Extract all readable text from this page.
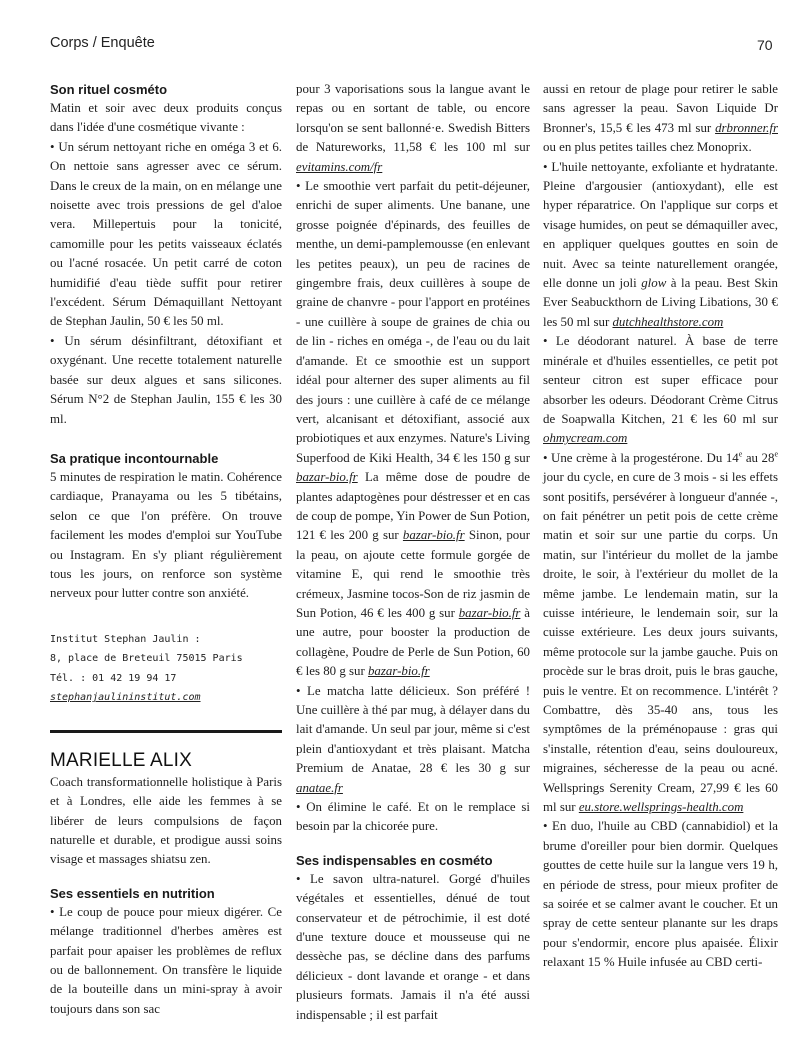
Corps / Enquête	70
Son rituel cosméto

Matin et soir avec deux produits conçus dans l'idée d'une cosmétique vivante :

• Un sérum nettoyant riche en oméga 3 et 6. On nettoie sans agresser avec ce sérum. Dans le creux de la main, on en mélange une noisette avec trois pressions de gel d'aloe vera. Millepertuis pour la tonicité, camomille pour les petits vaisseaux éclatés ou l'acné rosacée. Un petit carré de coton humidifié d'eau tiède suffit pour retirer l'excédent. Sérum Démaquillant Nettoyant de Stephan Jaulin, 50 € les 50 ml.

• Un sérum désinfiltrant, détoxifiant et oxygénant. Une recette totalement naturelle basée sur deux algues et sans silicones. Sérum N°2 de Stephan Jaulin, 155 € les 30 ml.

Sa pratique incontournable

5 minutes de respiration le matin. Cohérence cardiaque, Pranayama ou les 5 tibétains, selon ce que l'on préfère. On trouve facilement les modes d'emploi sur YouTube ou Instagram. En s'y pliant régulièrement tous les jours, on renforce son système nerveux pour lutter contre son anxiété.

Institut Stephan Jaulin :
8, place de Breteuil 75015 Paris
Tél. : 01 42 19 94 17
stephanjaulininstitut.com
MARIELLE ALIX

Coach transformationnelle holistique à Paris et à Londres, elle aide les femmes à se libérer de leurs compulsions de façon naturelle et durable, et prodigue aussi soins visage et massages shiatsu zen.

Ses essentiels en nutrition

• Le coup de pouce pour mieux digérer. Ce mélange traditionnel d'herbes amères est parfait pour apaiser les problèmes de reflux ou de ballonnement. On transfère le liquide de la bouteille dans un mini-spray à avoir toujours dans son sac

pour 3 vaporisations sous la langue avant le repas ou en sortant de table, ou encore lorsqu'on se sent ballonné·e. Swedish Bitters de Natureworks, 11,58 € les 100 ml sur evitamins.com/fr

• Le smoothie vert parfait du petit-déjeuner, enrichi de super aliments. Une banane, une grosse poignée d'épinards, des feuilles de menthe, un demi-pamplemousse (en enlevant les petites peaux), un peu de racines de gingembre frais, deux cuillères à soupe de graine de chanvre - pour l'apport en protéines - une cuillère à soupe de graines de chia ou de lin - riches en oméga -, de l'eau ou du lait d'amande. Et ce smoothie est un support idéal pour alterner des super aliments au fil des jours : une cuillère à café de ce mélange vert, alcanisant et détoxifiant, associé aux probiotiques et aux enzymes. Nature's Living Superfood de Kiki Health, 34 € les 150 g sur bazar-bio.fr La même dose de poudre de plantes adaptogènes pour déstresser et en cas de coup de pompe, Yin Power de Sun Potion, 121 € les 200 g sur bazar-bio.fr Sinon, pour la peau, on ajoute cette formule gorgée de vitamine E, qui rend le smoothie très crémeux, Jasmine tocos-Son de riz jasmin de Sun Potion, 46 € les 400 g sur bazar-bio.fr à une autre, pour booster la production de collagène, Poudre de Perle de Sun Potion, 60 € les 80 g sur bazar-bio.fr

• Le matcha latte délicieux. Son préféré ! Une cuillère à thé par mug, à délayer dans du lait d'amande. Un seul par jour, même si c'est plein d'antioxydant et très plaisant. Matcha Premium de Anatae, 28 € les 30 g sur anatae.fr

• On élimine le café. Et on le remplace si besoin par la chicorée pure.

Ses indispensables en cosméto

• Le savon ultra-naturel. Gorgé d'huiles végétales et essentielles, dénué de tout conservateur et de pétrochimie, il est doté d'une texture douce et mousseuse qui ne dessèche pas, se décline dans des parfums délicieux - dont lavande et orange - et dans plusieurs formats. Jamais il n'a été aussi indispensable ; il est parfait

aussi en retour de plage pour retirer le sable sans agresser la peau. Savon Liquide Dr Bronner's, 15,5 € les 473 ml sur drbronner.fr ou en plus petites tailles chez Monoprix.

• L'huile nettoyante, exfoliante et hydratante. Pleine d'argousier (antioxydant), elle est hyper réparatrice. On l'applique sur corps et visage humides, on peut se démaquiller avec, en appliquer quelques gouttes en soin de nuit. Avec sa teinte naturellement orangée, elle donne un joli glow à la peau. Best Skin Ever Seabuckthorn de Living Libations, 30 € les 50 ml sur dutchhealthstore.com

• Le déodorant naturel. À base de terre minérale et d'huiles essentielles, ce petit pot senteur citron est super efficace pour absorber les odeurs. Déodorant Crème Citrus de Soapwalla Kitchen, 21 € les 60 ml sur ohmycream.com

• Une crème à la progestérone. Du 14e au 28e jour du cycle, en cure de 3 mois - si les effets sont positifs, persévérer à longueur d'année -, on fait pénétrer un petit pois de cette crème matin et soir sur une partie du corps. Un matin, sur l'intérieur du mollet de la jambe droite, le soir, à l'extérieur du mollet de la même jambe. Le lendemain matin, sur la cuisse intérieure, le lendemain soir, sur la cuisse extérieure. Les deux jours suivants, même protocole sur la jambe gauche. Puis on procède sur le bras droit, puis le bras gauche, puis le ventre. Et on recommence. L'intérêt ? Combattre, dès 35-40 ans, tous les symptômes de la préménopause : gras qui s'installe, rétention d'eau, seins douloureux, migraines, sécheresse de la peau ou acné. Wellsprings Serenity Cream, 27,99 € les 60 ml sur eu.store.wellsprings-health.com

• En duo, l'huile au CBD (cannabidiol) et la brume d'oreiller pour bien dormir. Quelques gouttes de cette huile sur la langue vers 19 h, en période de stress, pour mieux profiter de sa soirée et se calmer avant le coucher. Et un spray de cette senteur planante sur les draps pour s'endormir, encore plus apaisée. Élixir relaxant 15 % Huile infusée au CBD certi-
